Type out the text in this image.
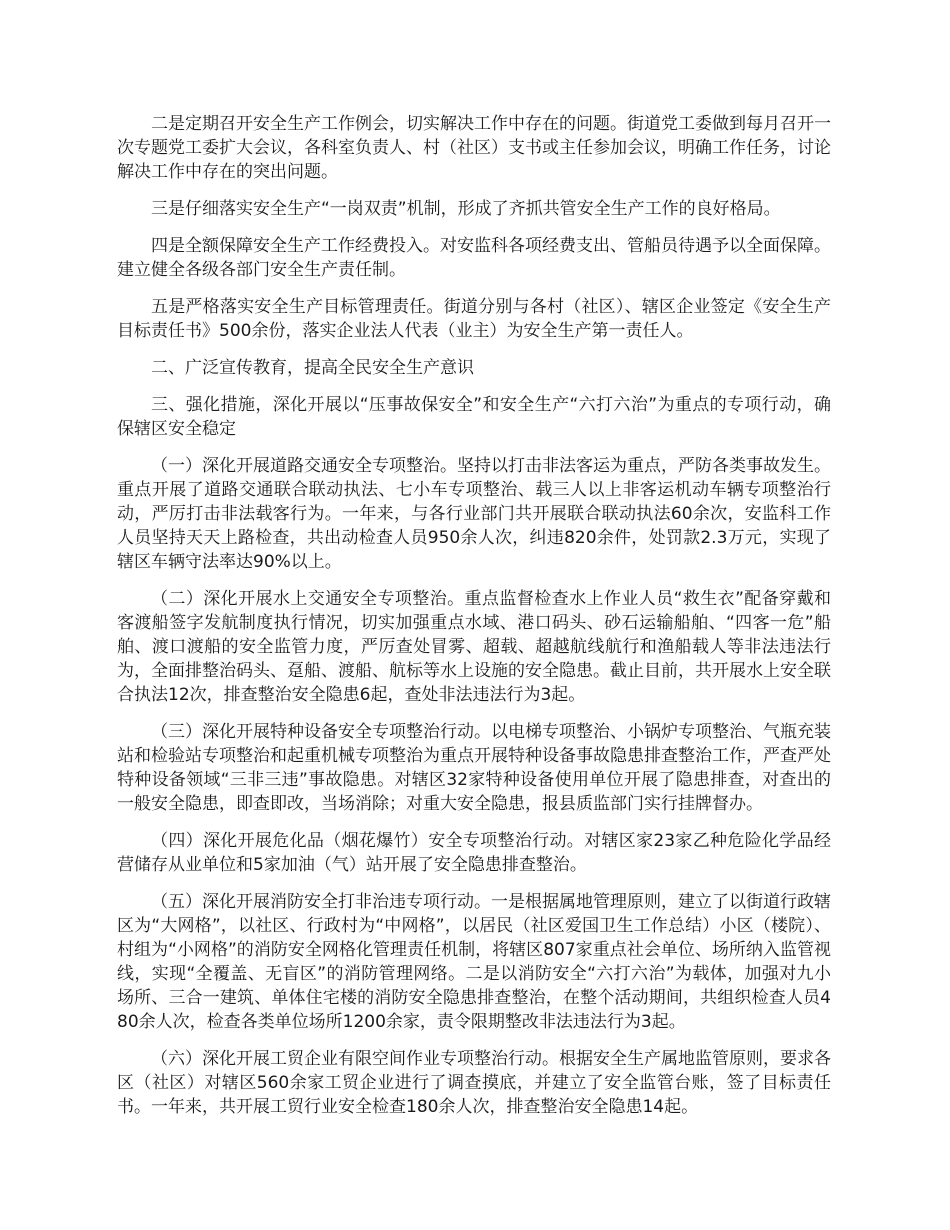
二是定期召开安全生产工作例会，切实解决工作中存在的问题。街道党工委做到每月召开一次专题党工委扩大会议，各科室负责人、村（社区）支书或主任参加会议，明确工作任务，讨论解决工作中存在的突出问题。

三是仔细落实安全生产“一岗双责”机制，形成了齐抓共管安全生产工作的良好格局。

四是全额保障安全生产工作经费投入。对安监科各项经费支出、管船员待遇予以全面保障。建立健全各级各部门安全生产责任制。

五是严格落实安全生产目标管理责任。街道分别与各村（社区）、辖区企业签定《安全生产目标责任书》500余份，落实企业法人代表（业主）为安全生产第一责任人。

二、广泛宣传教育，提高全民安全生产意识

三、强化措施，深化开展以“压事故保安全”和安全生产“六打六治”为重点的专项行动，确保辖区安全稳定

（一）深化开展道路交通安全专项整治。坚持以打击非法客运为重点，严防各类事故发生。重点开展了道路交通联合联动执法、七小车专项整治、载三人以上非客运机动车辆专项整治行动，严厉打击非法载客行为。一年来，与各行业部门共开展联合联动执法60余次，安监科工作人员坚持天天上路检查，共出动检查人员950余人次，纠违820余件，处罚款2.3万元，实现了辖区车辆守法率达90%以上。

（二）深化开展水上交通安全专项整治。重点监督检查水上作业人员“救生衣”配备穿戴和客渡船签字发航制度执行情况，切实加强重点水域、港口码头、砂石运输船舶、“四客一危”船舶、渡口渡船的安全监管力度，严厉查处冒雾、超载、超越航线航行和渔船载人等非法违法行为，全面排整治码头、趸船、渡船、航标等水上设施的安全隐患。截止目前，共开展水上安全联合执法12次，排查整治安全隐患6起，查处非法违法行为3起。

（三）深化开展特种设备安全专项整治行动。以电梯专项整治、小锅炉专项整治、气瓶充装站和检验站专项整治和起重机械专项整治为重点开展特种设备事故隐患排查整治工作，严查严处特种设备领域“三非三违”事故隐患。对辖区32家特种设备使用单位开展了隐患排查，对查出的一般安全隐患，即查即改，当场消除；对重大安全隐患，报县质监部门实行挂牌督办。

（四）深化开展危化品（烟花爆竹）安全专项整治行动。对辖区家23家乙种危险化学品经营储存从业单位和5家加油（气）站开展了安全隐患排查整治。

（五）深化开展消防安全打非治违专项行动。一是根据属地管理原则，建立了以街道行政辖区为“大网格”，以社区、行政村为“中网格”，以居民（社区爱国卫生工作总结）小区（楼院）、村组为“小网格”的消防安全网格化管理责任机制，将辖区807家重点社会单位、场所纳入监管视线，实现“全覆盖、无盲区”的消防管理网络。二是以消防安全“六打六治”为载体，加强对九小场所、三合一建筑、单体住宅楼的消防安全隐患排查整治，在整个活动期间，共组织检查人员480余人次，检查各类单位场所1200余家，责令限期整改非法违法行为3起。

（六）深化开展工贸企业有限空间作业专项整治行动。根据安全生产属地监管原则，要求各区（社区）对辖区560余家工贸企业进行了调查摸底，并建立了安全监管台账，签了目标责任书。一年来，共开展工贸行业安全检查180余人次，排查整治安全隐患14起。
